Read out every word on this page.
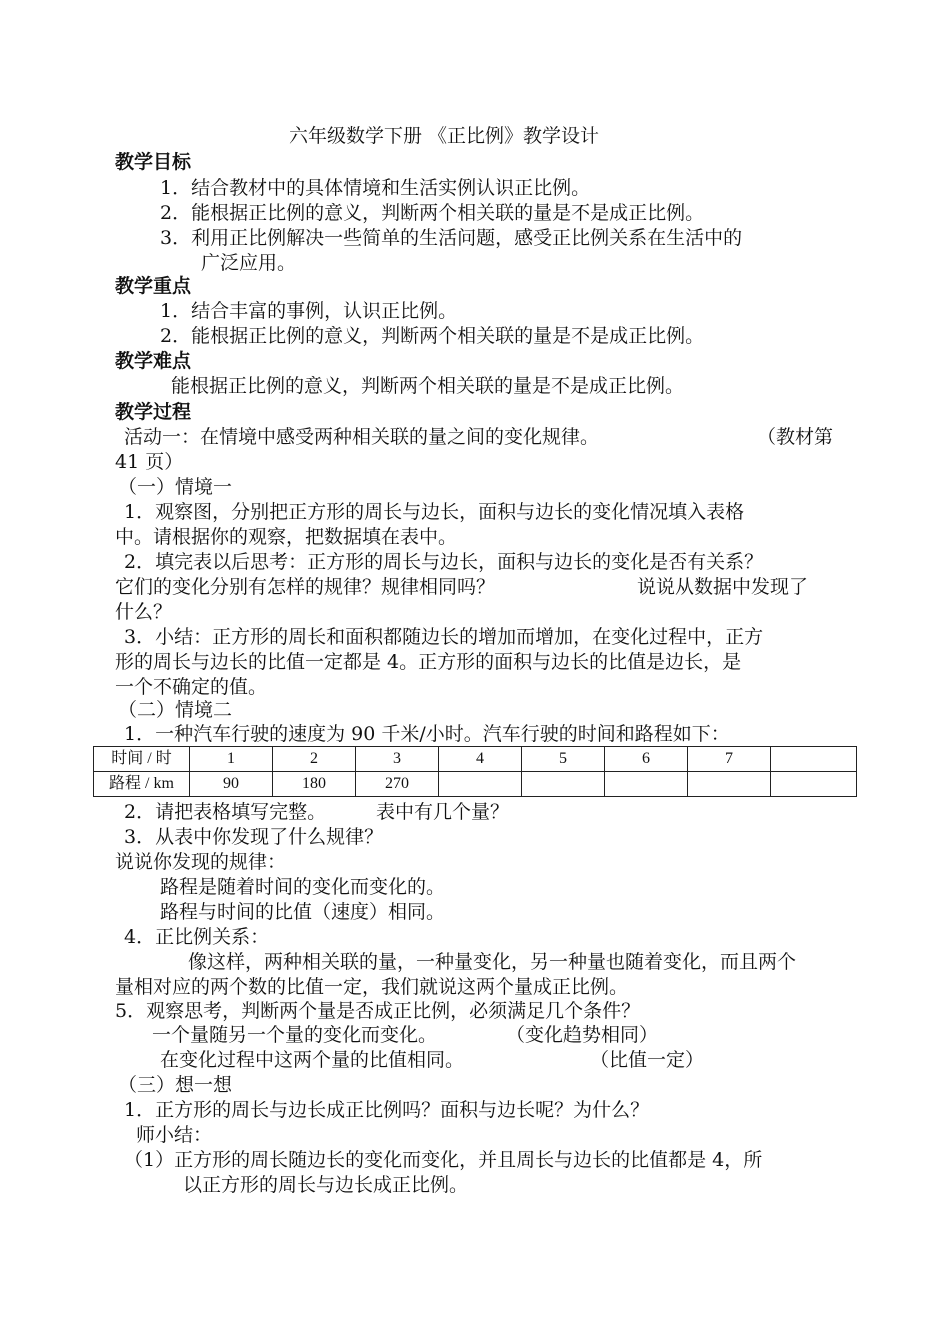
六年级数学下册 《正比例》教学设计
教学目标
1．结合教材中的具体情境和生活实例认识正比例。
2．能根据正比例的意义，判断两个相关联的量是不是成正比例。
3．利用正比例解决一些简单的生活问题，感受正比例关系在生活中的
广泛应用。
教学重点
1．结合丰富的事例，认识正比例。
2．能根据正比例的意义，判断两个相关联的量是不是成正比例。
教学难点
能根据正比例的意义，判断两个相关联的量是不是成正比例。
教学过程
活动一：在情境中感受两种相关联的量之间的变化规律。	（教材第
41 页）
（一）情境一
1．观察图，分别把正方形的周长与边长，面积与边长的变化情况填入表格
中。请根据你的观察，把数据填在表中。
2．填完表以后思考：正方形的周长与边长，面积与边长的变化是否有关系？
它们的变化分别有怎样的规律？规律相同吗？	说说从数据中发现了
什么？
3．小结：正方形的周长和面积都随边长的增加而增加，在变化过程中，正方
形的周长与边长的比值一定都是 4。正方形的面积与边长的比值是边长，是
一个不确定的值。
（二）情境二
1．一种汽车行驶的速度为 90 千米/小时。汽车行驶的时间和路程如下：
时间 / 时	1	2	3	4	5	6	7	
路程 / km	90	180	270					
2．请把表格填写完整。	表中有几个量？
3．从表中你发现了什么规律？
说说你发现的规律：
路程是随着时间的变化而变化的。
路程与时间的比值（速度）相同。
4．正比例关系：
像这样，两种相关联的量，一种量变化，另一种量也随着变化，而且两个
量相对应的两个数的比值一定，我们就说这两个量成正比例。
5．观察思考，判断两个量是否成正比例，必须满足几个条件？
一个量随另一个量的变化而变化。	（变化趋势相同）
在变化过程中这两个量的比值相同。	（比值一定）
（三）想一想
1．正方形的周长与边长成正比例吗？面积与边长呢？为什么？
师小结：
（1）正方形的周长随边长的变化而变化，并且周长与边长的比值都是 4，所
以正方形的周长与边长成正比例。
